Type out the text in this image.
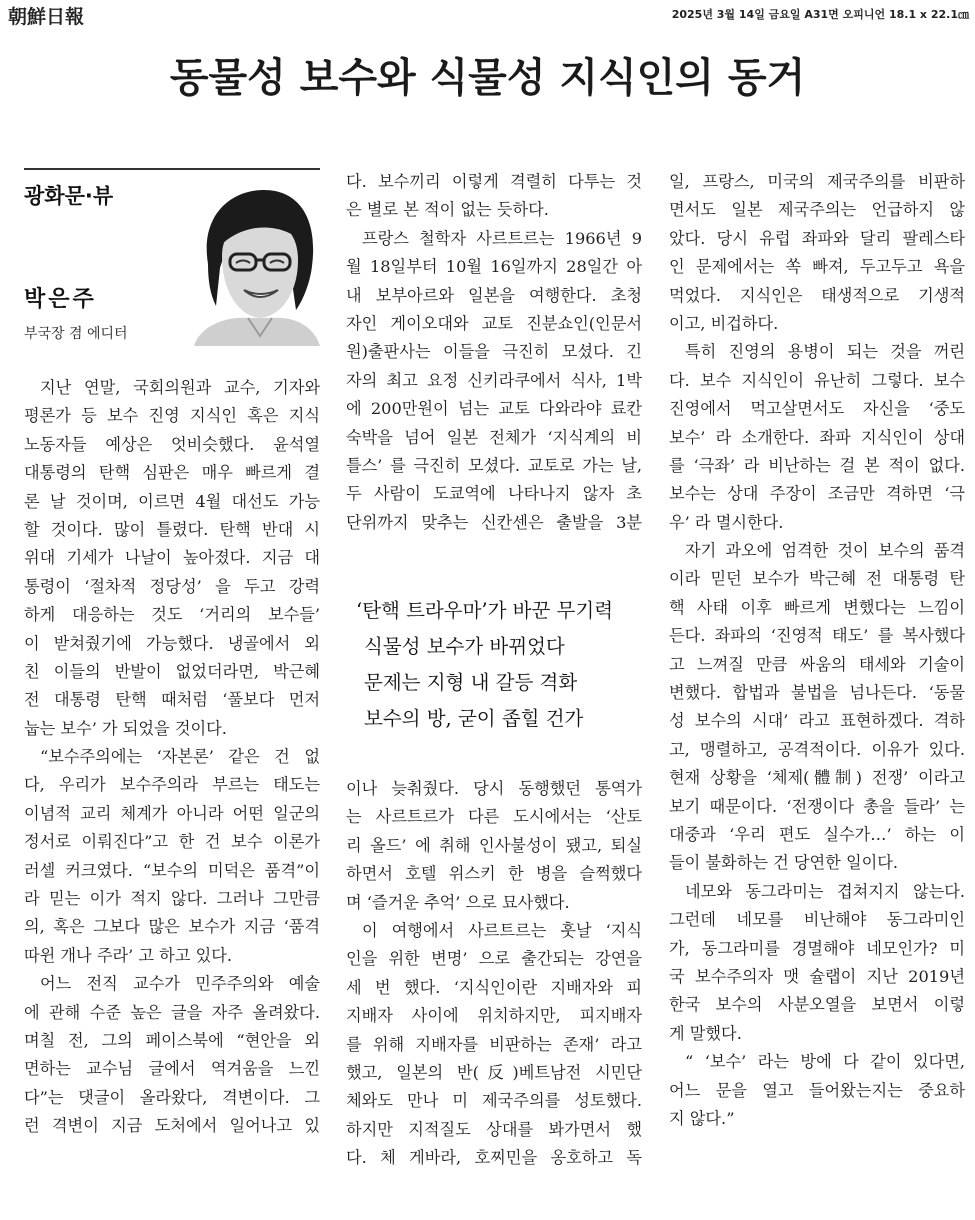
朝鮮日報	2025년 3월 14일 금요일 A31면 오피니언 18.1 x 22.1㎝
동물성 보수와 식물성 지식인의 동거
광화문·뷰
박은주
부국장 겸 에디터
지난 연말, 국회의원과 교수, 기자와
평론가 등 보수 진영 지식인 혹은 지식
노동자들 예상은 엇비슷했다. 윤석열
대통령의 탄핵 심판은 매우 빠르게 결
론 날 것이며, 이르면 4월 대선도 가능
할 것이다. 많이 틀렸다. 탄핵 반대 시
위대 기세가 나날이 높아졌다. 지금 대
통령이 ‘절차적 정당성’ 을 두고 강력
하게 대응하는 것도 ‘거리의 보수들’
이 받쳐줬기에 가능했다. 냉골에서 외
친 이들의 반발이 없었더라면, 박근혜
전 대통령 탄핵 때처럼 ‘풀보다 먼저
눕는 보수’ 가 되었을 것이다.
“보수주의에는 ‘자본론’ 같은 건 없
다, 우리가 보수주의라 부르는 태도는
이념적 교리 체계가 아니라 어떤 일군의
정서로 이뤄진다”고 한 건 보수 이론가
러셀 커크였다. “보수의 미덕은 품격”이
라 믿는 이가 적지 않다. 그러나 그만큼
의, 혹은 그보다 많은 보수가 지금 ‘품격
따윈 개나 주라’ 고 하고 있다.
어느 전직 교수가 민주주의와 예술
에 관해 수준 높은 글을 자주 올려왔다.
며칠 전, 그의 페이스북에 “현안을 외
면하는 교수님 글에서 역겨움을 느낀
다”는 댓글이 올라왔다, 격변이다. 그
런 격변이 지금 도처에서 일어나고 있
다. 보수끼리 이렇게 격렬히 다투는 것
은 별로 본 적이 없는 듯하다.
프랑스 철학자 사르트르는 1966년 9
월 18일부터 10월 16일까지 28일간 아
내 보부아르와 일본을 여행한다. 초청
자인 게이오대와 교토 진분쇼인(인문서
원)출판사는 이들을 극진히 모셨다. 긴
자의 최고 요정 신키라쿠에서 식사, 1박
에 200만원이 넘는 교토 다와라야 료칸
숙박을 넘어 일본 전체가 ‘지식계의 비
틀스’ 를 극진히 모셨다. 교토로 가는 날,
두 사람이 도쿄역에 나타나지 않자 초
단위까지 맞추는 신칸센은 출발을 3분
‘탄핵 트라우마’가 바꾼 무기력
식물성 보수가 바뀌었다
문제는 지형 내 갈등 격화
보수의 방, 굳이 좁힐 건가
이나 늦춰줬다. 당시 동행했던 통역가
는 사르트르가 다른 도시에서는 ‘산토
리 올드’ 에 취해 인사불성이 됐고, 퇴실
하면서 호텔 위스키 한 병을 슬쩍했다
며 ‘즐거운 추억’ 으로 묘사했다.
이 여행에서 사르트르는 훗날 ‘지식
인을 위한 변명’ 으로 출간되는 강연을
세 번 했다. ‘지식인이란 지배자와 피
지배자 사이에 위치하지만, 피지배자
를 위해 지배자를 비판하는 존재’ 라고
했고, 일본의 반(反)베트남전 시민단
체와도 만나 미 제국주의를 성토했다.
하지만 지적질도 상대를 봐가면서 했
다. 체 게바라, 호찌민을 옹호하고 독
일, 프랑스, 미국의 제국주의를 비판하
면서도 일본 제국주의는 언급하지 않
았다. 당시 유럽 좌파와 달리 팔레스타
인 문제에서는 쏙 빠져, 두고두고 욕을
먹었다. 지식인은 태생적으로 기생적
이고, 비겁하다.
특히 진영의 용병이 되는 것을 꺼린
다. 보수 지식인이 유난히 그렇다. 보수
진영에서 먹고살면서도 자신을 ‘중도
보수’ 라 소개한다. 좌파 지식인이 상대
를 ‘극좌’ 라 비난하는 걸 본 적이 없다.
보수는 상대 주장이 조금만 격하면 ‘극
우’ 라 멸시한다.
자기 과오에 엄격한 것이 보수의 품격
이라 믿던 보수가 박근혜 전 대통령 탄
핵 사태 이후 빠르게 변했다는 느낌이
든다. 좌파의 ‘진영적 태도’ 를 복사했다
고 느껴질 만큼 싸움의 태세와 기술이
변했다. 합법과 불법을 넘나든다. ‘동물
성 보수의 시대’ 라고 표현하겠다. 격하
고, 맹렬하고, 공격적이다. 이유가 있다.
현재 상황을 ‘체제(體制) 전쟁’ 이라고
보기 때문이다. ‘전쟁이다 총을 들라’ 는
대중과 ‘우리 편도 실수가…’ 하는 이
들이 불화하는 건 당연한 일이다.
네모와 동그라미는 겹쳐지지 않는다.
그런데 네모를 비난해야 동그라미인
가, 동그라미를 경멸해야 네모인가? 미
국 보수주의자 맷 슐랩이 지난 2019년
한국 보수의 사분오열을 보면서 이렇
게 말했다.
“ ‘보수’ 라는 방에 다 같이 있다면,
어느 문을 열고 들어왔는지는 중요하
지 않다.”
